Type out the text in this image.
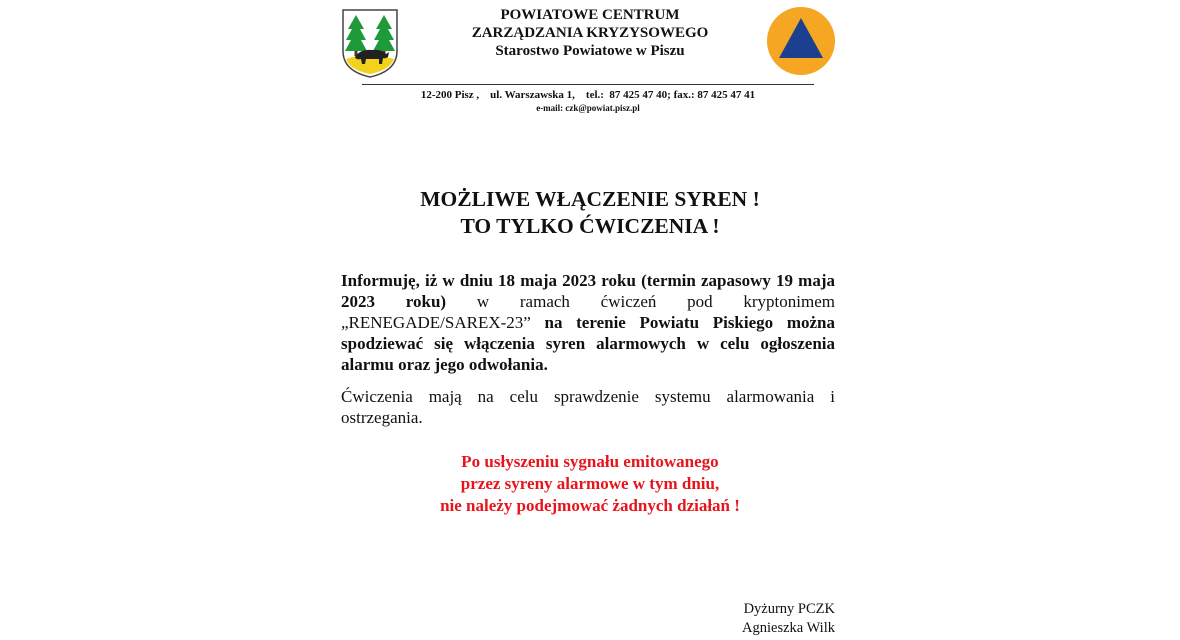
POWIATOWE CENTRUM
ZARZĄDZANIA KRYZYSOWEGO
Starostwo Powiatowe w Piszu
12-200 Pisz ,    ul. Warszawska 1,    tel.:  87 425 47 40; fax.: 87 425 47 41
e-mail: czk@powiat.pisz.pl
MOŻLIWE WŁĄCZENIE SYREN !
TO TYLKO ĆWICZENIA !
Informuję, iż w dniu 18 maja 2023 roku (termin zapasowy 19 maja 2023 roku) w ramach ćwiczeń pod kryptonimem „RENEGADE/SAREX-23” na terenie Powiatu Piskiego można spodziewać się włączenia syren alarmowych w celu ogłoszenia alarmu oraz jego odwołania.
Ćwiczenia mają na celu sprawdzenie systemu alarmowania i ostrzegania.
Po usłyszeniu sygnału emitowanego
przez syreny alarmowe w tym dniu,
nie należy podejmować żadnych działań !
Dyżurny PCZK
Agnieszka Wilk
